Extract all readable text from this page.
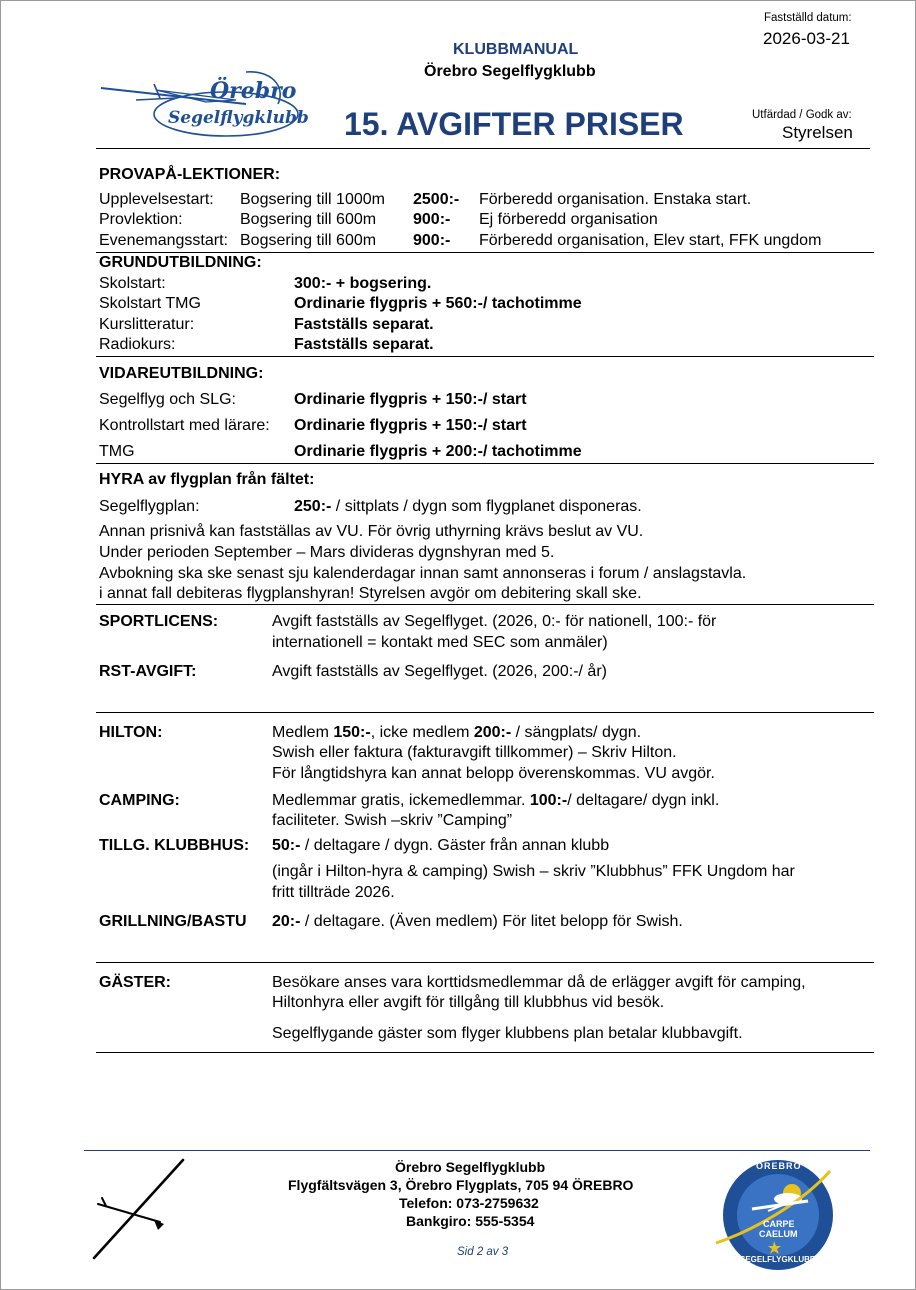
Örebro
Segelflygklubb
KLUBBMANUAL
Örebro Segelflygklubb
15. AVGIFTER PRISER
Fastställd datum:
2026-03-21
Utfärdad / Godk av:
Styrelsen
PROVAPÅ-LEKTIONER:
Upplevelsestart: Bogsering till 1000m 2500:- Förberedd organisation. Enstaka start.
Provlektion:	Bogsering till 600m 900:- Ej förberedd organisation
Evenemangsstart: Bogsering till 600m 900:- Förberedd organisation, Elev start, FFK ungdom
GRUNDUTBILDNING:
Skolstart:	300:- + bogsering.
Skolstart TMG	Ordinarie flygpris + 560:-/ tachotimme
Kurslitteratur:	Fastställs separat.
Radiokurs:	Fastställs separat.
VIDAREUTBILDNING:
Segelflyg och SLG:	Ordinarie flygpris + 150:-/ start
Kontrollstart med lärare: Ordinarie flygpris + 150:-/ start
TMG	Ordinarie flygpris + 200:-/ tachotimme
HYRA av flygplan från fältet:
Segelflygplan:	250:- / sittplats / dygn som flygplanet disponeras.
Annan prisnivå kan fastställas av VU. För övrig uthyrning krävs beslut av VU.
Under perioden September – Mars divideras dygnshyran med 5.
Avbokning ska ske senast sju kalenderdagar innan samt annonseras i forum / anslagstavla.
i annat fall debiteras flygplanshyran! Styrelsen avgör om debitering skall ske.
SPORTLICENS:	Avgift fastställs av Segelflyget. (2026, 0:- för nationell, 100:- för
internationell = kontakt med SEC som anmäler)
RST-AVGIFT:	Avgift fastställs av Segelflyget. (2026, 200:-/ år)
HILTON:	Medlem 150:-, icke medlem 200:- / sängplats/ dygn.
Swish eller faktura (fakturavgift tillkommer) – Skriv Hilton.
För långtidshyra kan annat belopp överenskommas. VU avgör.
CAMPING:	Medlemmar gratis, ickemedlemmar. 100:-/ deltagare/ dygn inkl.
faciliteter. Swish –skriv ”Camping”
TILLG. KLUBBHUS: 50:- / deltagare / dygn. Gäster från annan klubb
(ingår i Hilton-hyra & camping) Swish – skriv ”Klubbhus” FFK Ungdom har
fritt tillträde 2026.
GRILLNING/BASTU 20:- / deltagare. (Även medlem) För litet belopp för Swish.
GÄSTER:	Besökare anses vara korttidsmedlemmar då de erlägger avgift för camping,
Hiltonhyra eller avgift för tillgång till klubbhus vid besök.
Segelflygande gäster som flyger klubbens plan betalar klubbavgift.
Örebro Segelflygklubb
Flygfältsvägen 3, Örebro Flygplats, 705 94 ÖREBRO
Telefon: 073-2759632
Bankgiro: 555-5354
Sid 2 av 3
ÖREBRO
CARPE
CAELUM
SEGELFLYGKLUBB
